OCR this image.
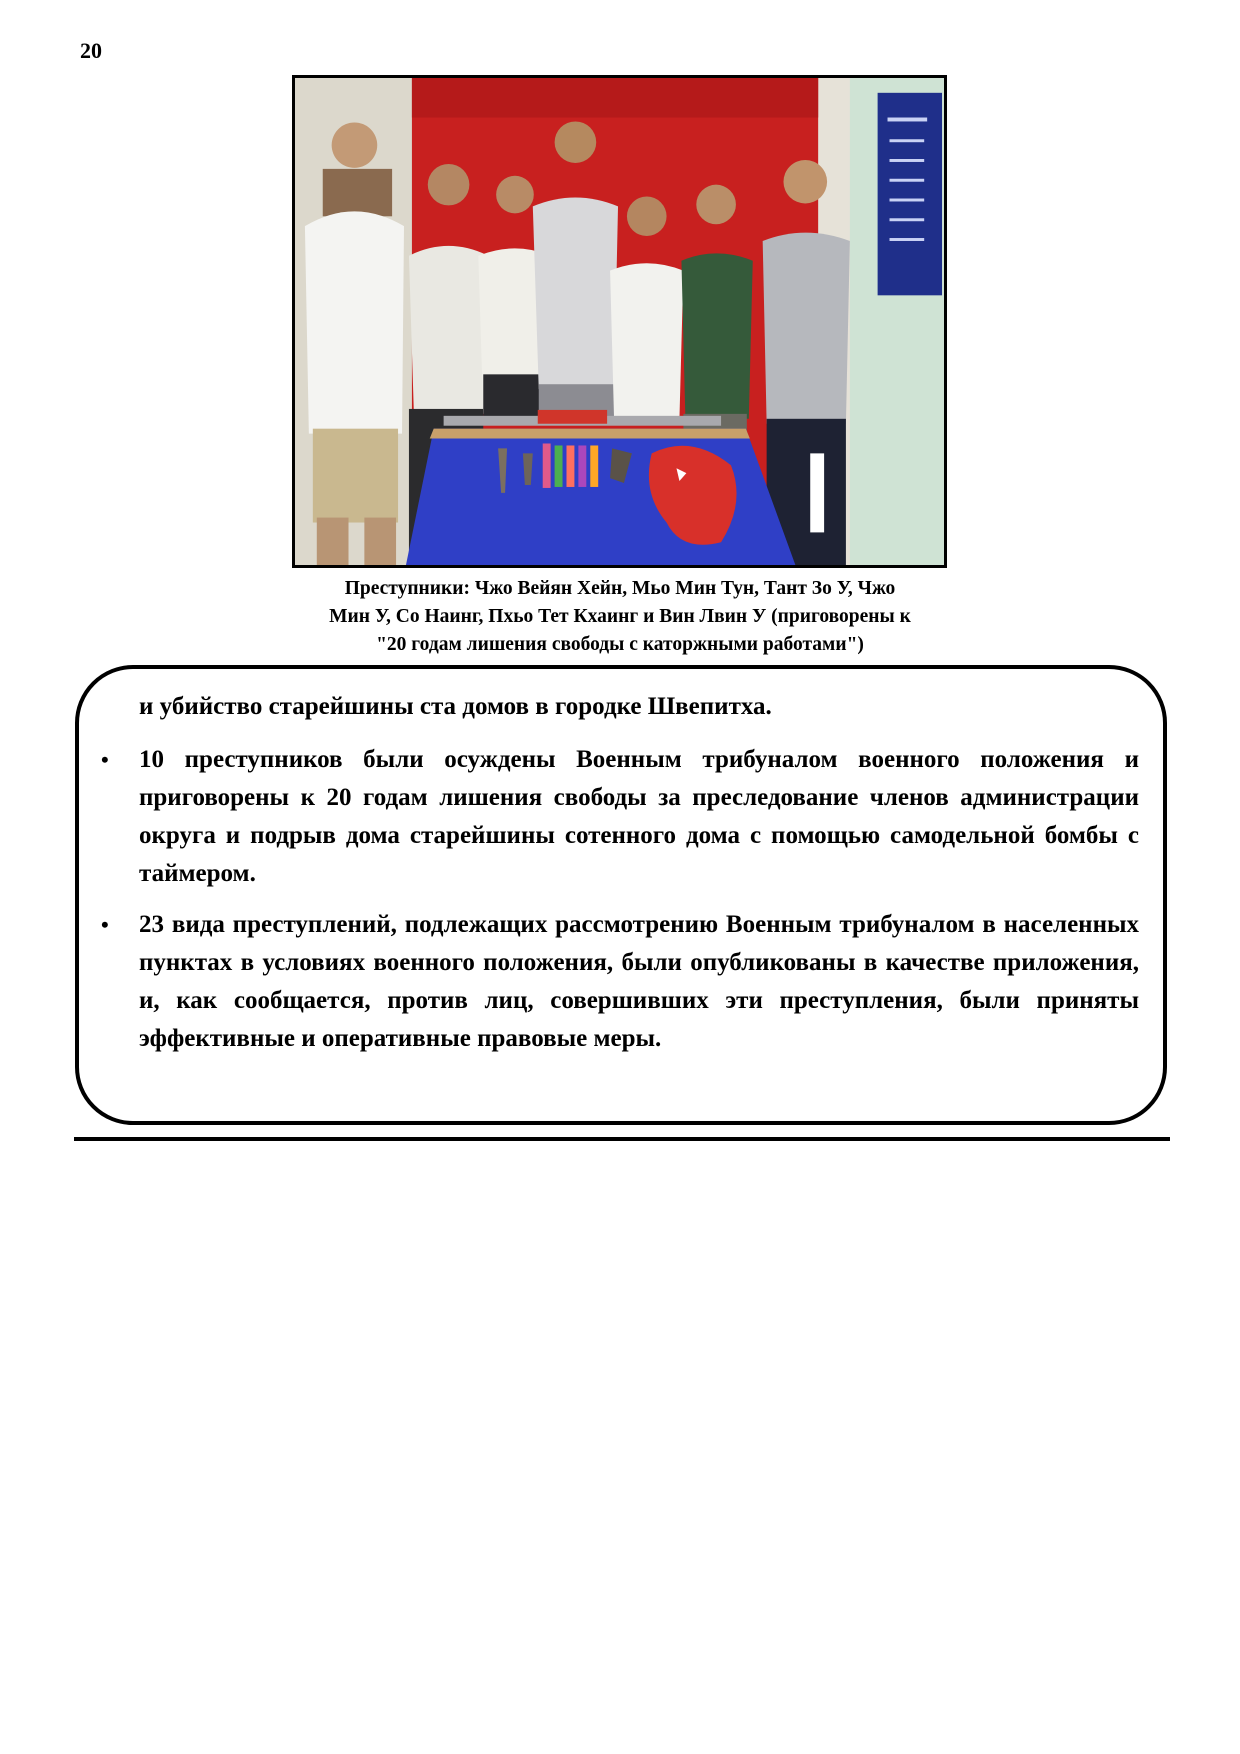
20
Преступники: Чжо Вейян Хейн, Мьо Мин Тун, Тант Зо У, Чжо
Мин У, Со Наинг, Пхьо Тет Кхаинг и Вин Лвин У (приговорены к
"20 годам лишения свободы с каторжными работами")
и убийство старейшины ста домов в городке Швепитха.
• 10 преступников были осуждены Военным трибуналом военного положения и приговорены к 20 годам лишения свободы за преследование членов администрации округа и подрыв дома старейшины сотенного дома с помощью самодельной бомбы с таймером.
• 23 вида преступлений, подлежащих рассмотрению Военным трибуналом в населенных пунктах в условиях военного положения, были опубликованы в качестве приложения, и, как сообщается, против лиц, совершивших эти преступления, были приняты эффективные и оперативные правовые меры.
